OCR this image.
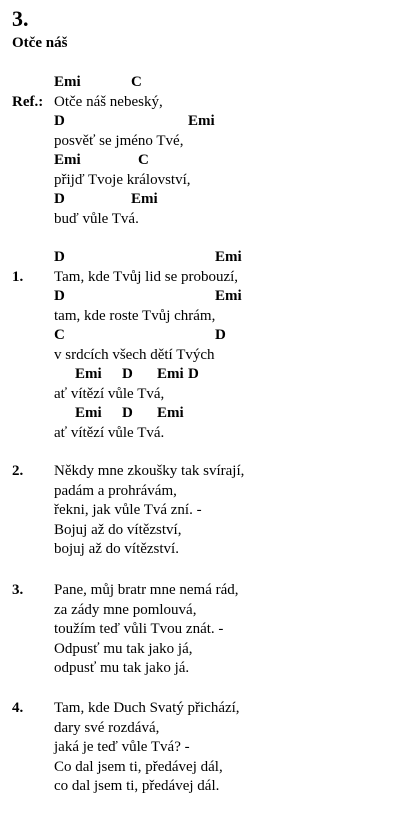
3.
Otče náš
Ref.:
Emi	C
Otče náš nebeský,
D	Emi
posvěť se jméno Tvé,
Emi	C
přijď Tvoje království,
D	Emi
buď vůle Tvá.
1.
D	Emi
Tam, kde Tvůj lid se probouzí,
D	Emi
tam, kde roste Tvůj chrám,
C	D
v srdcích všech dětí Tvých
Emi D Emi D
ať vítězí vůle Tvá,
Emi D Emi
ať vítězí vůle Tvá.
2. Někdy mne zkoušky tak svírají,
padám a prohrávám,
řekni, jak vůle Tvá zní. -
Bojuj až do vítězství,
bojuj až do vítězství.
3. Pane, můj bratr mne nemá rád,
za zády mne pomlouvá,
toužím teď vůli Tvou znát. -
Odpusť mu tak jako já,
odpusť mu tak jako já.
4. Tam, kde Duch Svatý přichází,
dary své rozdává,
jaká je teď vůle Tvá? -
Co dal jsem ti, předávej dál,
co dal jsem ti, předávej dál.
